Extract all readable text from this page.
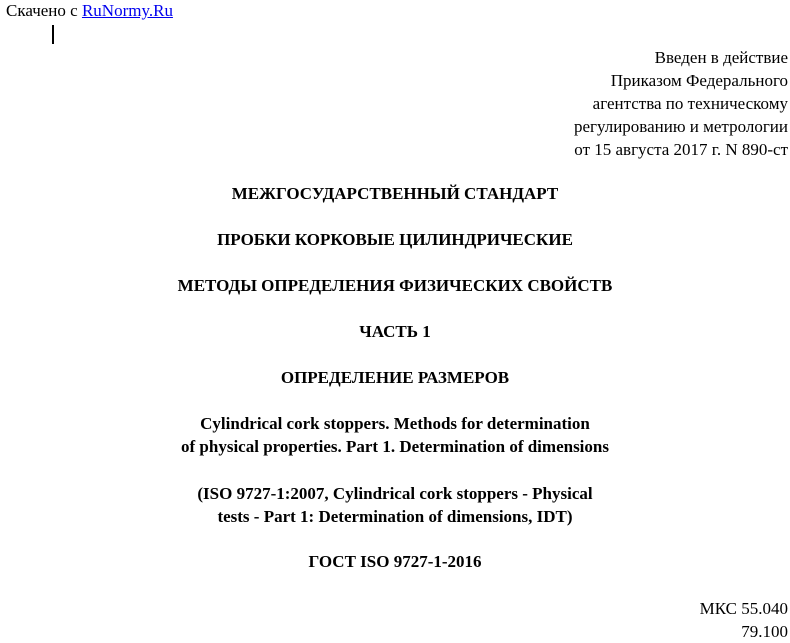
Скачено с RuNormy.Ru
Введен в действие
Приказом Федерального
агентства по техническому
регулированию и метрологии
от 15 августа 2017 г. N 890-ст
МЕЖГОСУДАРСТВЕННЫЙ СТАНДАРТ
ПРОБКИ КОРКОВЫЕ ЦИЛИНДРИЧЕСКИЕ
МЕТОДЫ ОПРЕДЕЛЕНИЯ ФИЗИЧЕСКИХ СВОЙСТВ
ЧАСТЬ 1
ОПРЕДЕЛЕНИЕ РАЗМЕРОВ
Cylindrical cork stoppers. Methods for determination
of physical properties. Part 1. Determination of dimensions
(ISO 9727-1:2007, Cylindrical cork stoppers - Physical
tests - Part 1: Determination of dimensions, IDT)
ГОСТ ISO 9727-1-2016
МКС 55.040
79.100
